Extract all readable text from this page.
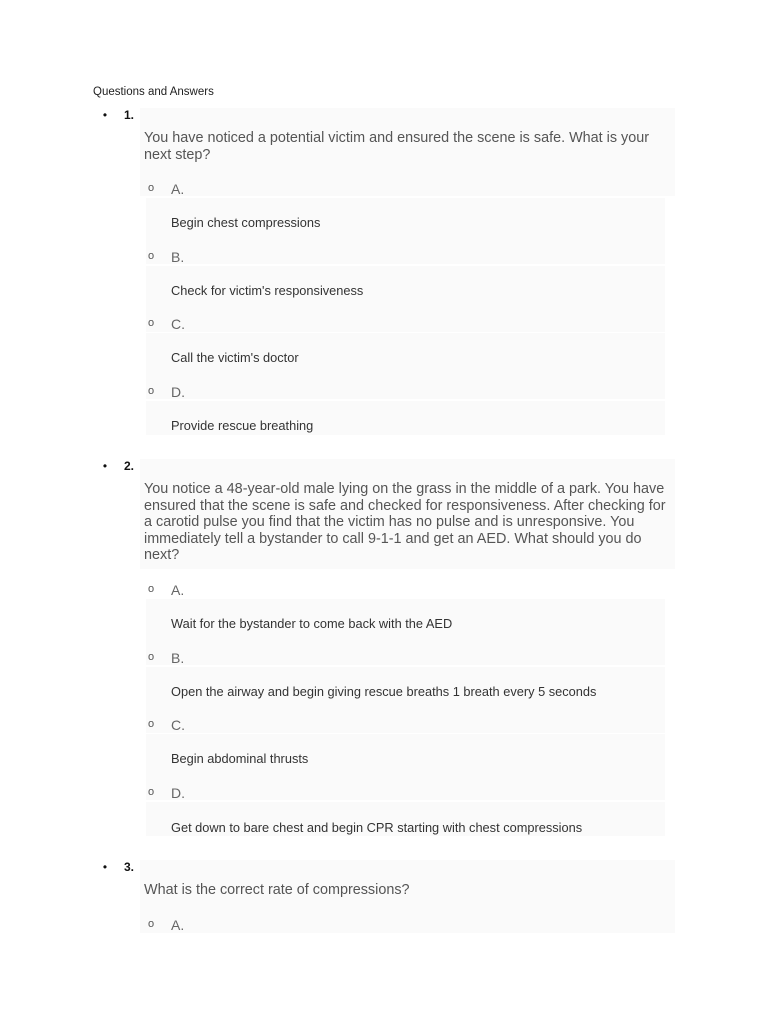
Questions and Answers
• 1.
You have noticed a potential victim and ensured the scene is safe. What is your next step?
o A.
Begin chest compressions
o B.
Check for victim's responsiveness
o C.
Call the victim's doctor
o D.
Provide rescue breathing
• 2.
You notice a 48-year-old male lying on the grass in the middle of a park. You have ensured that the scene is safe and checked for responsiveness. After checking for a carotid pulse you find that the victim has no pulse and is unresponsive. You immediately tell a bystander to call 9-1-1 and get an AED. What should you do next?
o A.
Wait for the bystander to come back with the AED
o B.
Open the airway and begin giving rescue breaths 1 breath every 5 seconds
o C.
Begin abdominal thrusts
o D.
Get down to bare chest and begin CPR starting with chest compressions
• 3.
What is the correct rate of compressions?
o A.
